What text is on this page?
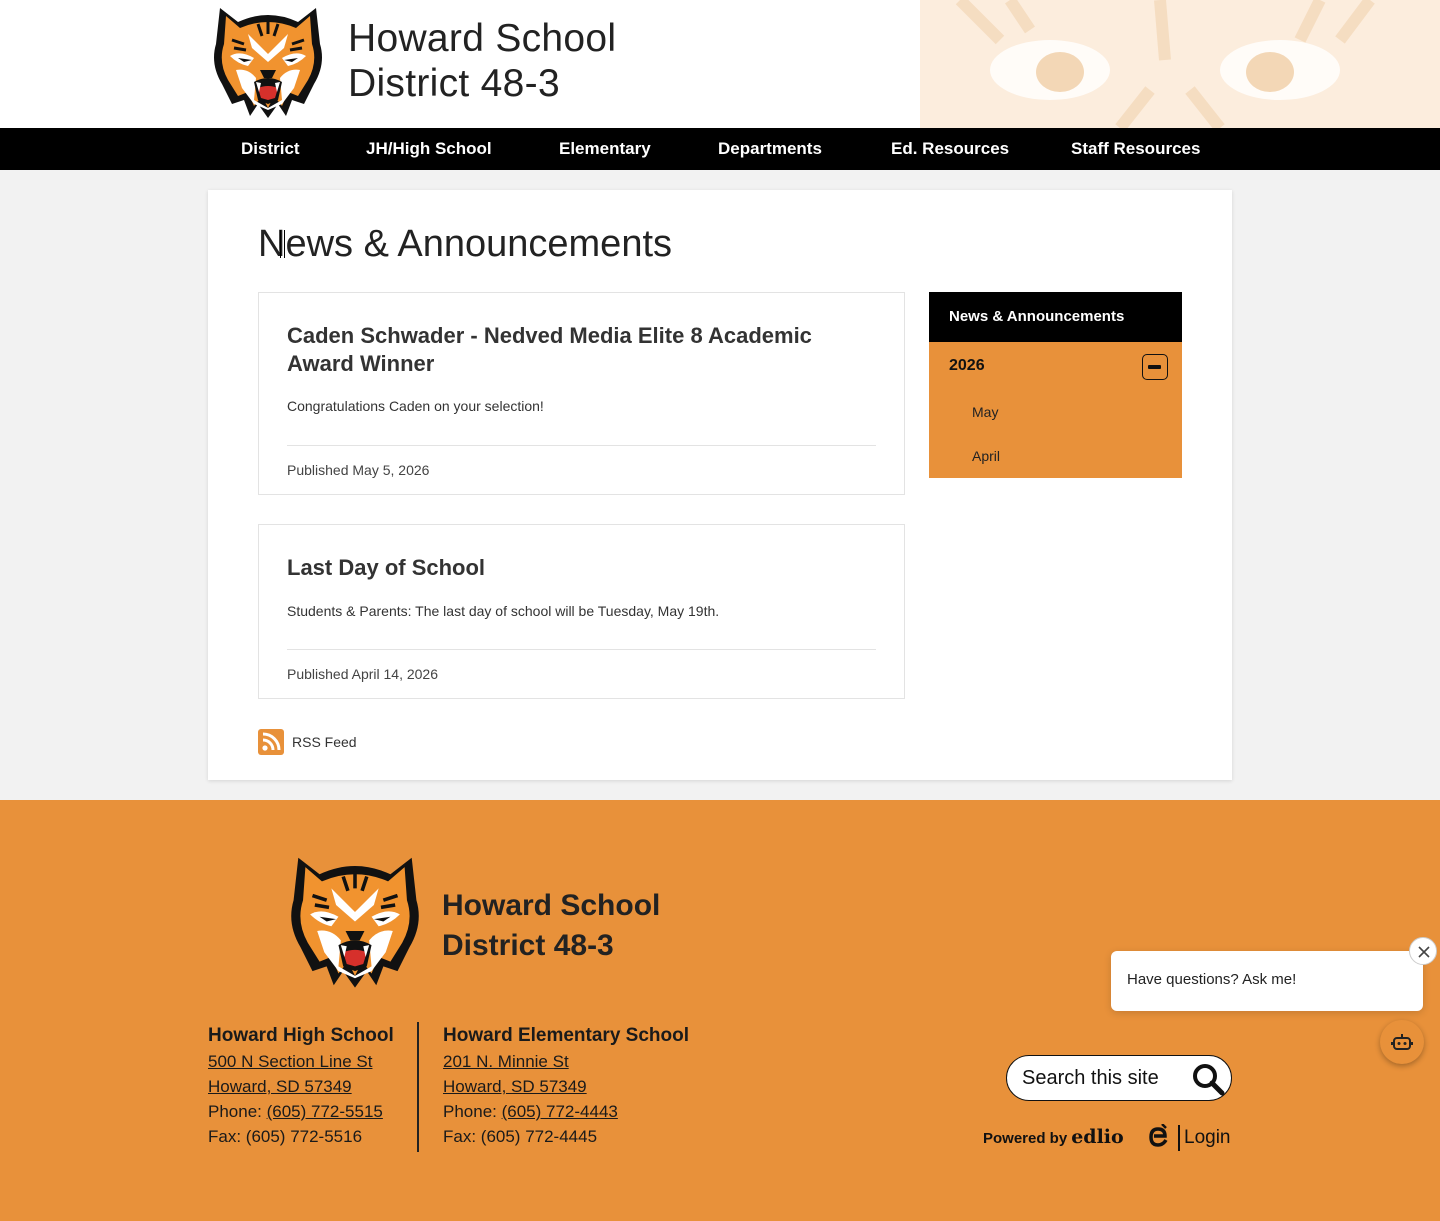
Howard School
District 48-3
District	JH/High School	Elementary	Departments	Ed. Resources	Staff Resources
News & Announcements
Caden Schwader - Nedved Media Elite 8 Academic Award Winner
Congratulations Caden on your selection!
Published May 5, 2026
Last Day of School
Students & Parents: The last day of school will be Tuesday, May 19th.
Published April 14, 2026
RSS Feed
News & Announcements
2026
May
April
Howard School
District 48-3
Howard High School
500 N Section Line St
Howard, SD 57349
Phone: (605) 772-5515
Fax: (605) 772-5516
Howard Elementary School
201 N. Minnie St
Howard, SD 57349
Phone: (605) 772-4443
Fax: (605) 772-4445
Search this site
Powered by edlio	Login
Have questions? Ask me!
